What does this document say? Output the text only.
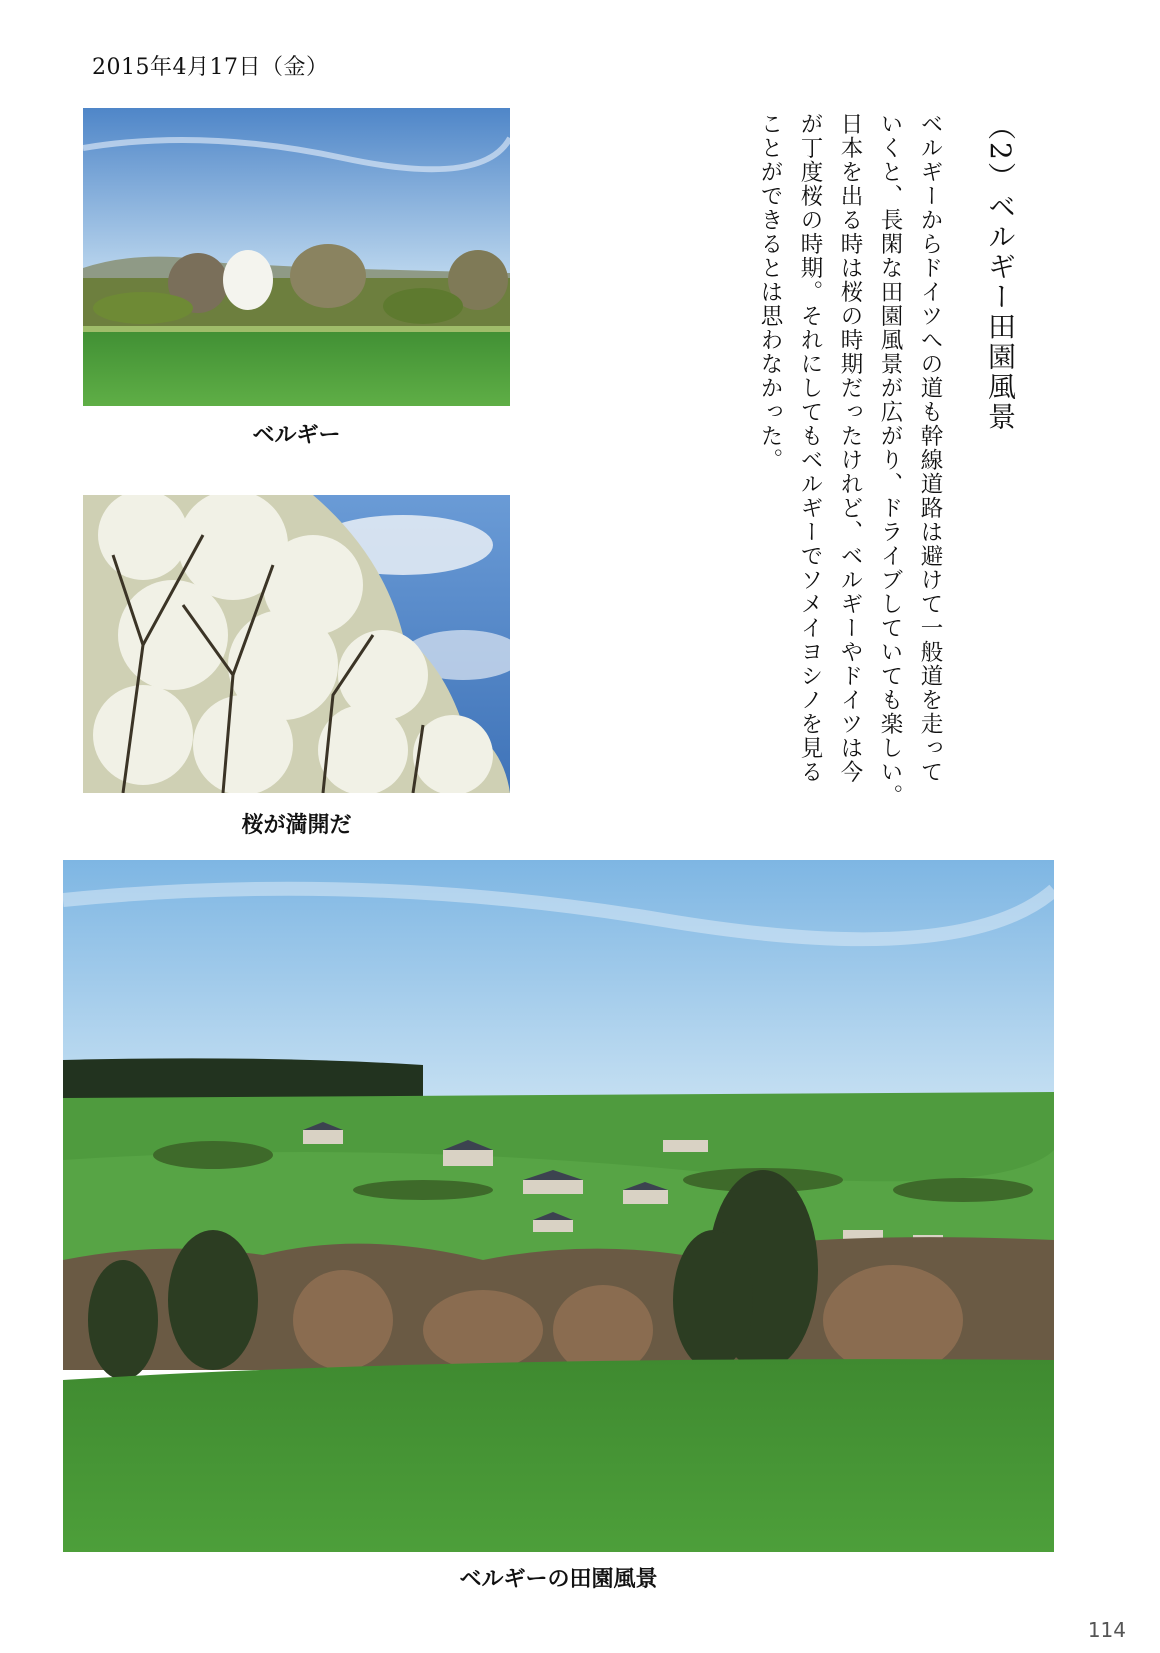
2015年4月17日（金）
ベルギー
桜が満開だ
ベルギーの田園風景
（2）ベルギー田園風景

ベルギーからドイツへの道も幹線道路は避けて一般道を走って

いくと、長閑な田園風景が広がり、ドライブしていても楽しい。

日本を出る時は桜の時期だったけれど、ベルギーやドイツは今

が丁度桜の時期。それにしてもベルギーでソメイヨシノを見る

ことができるとは思わなかった。

114
